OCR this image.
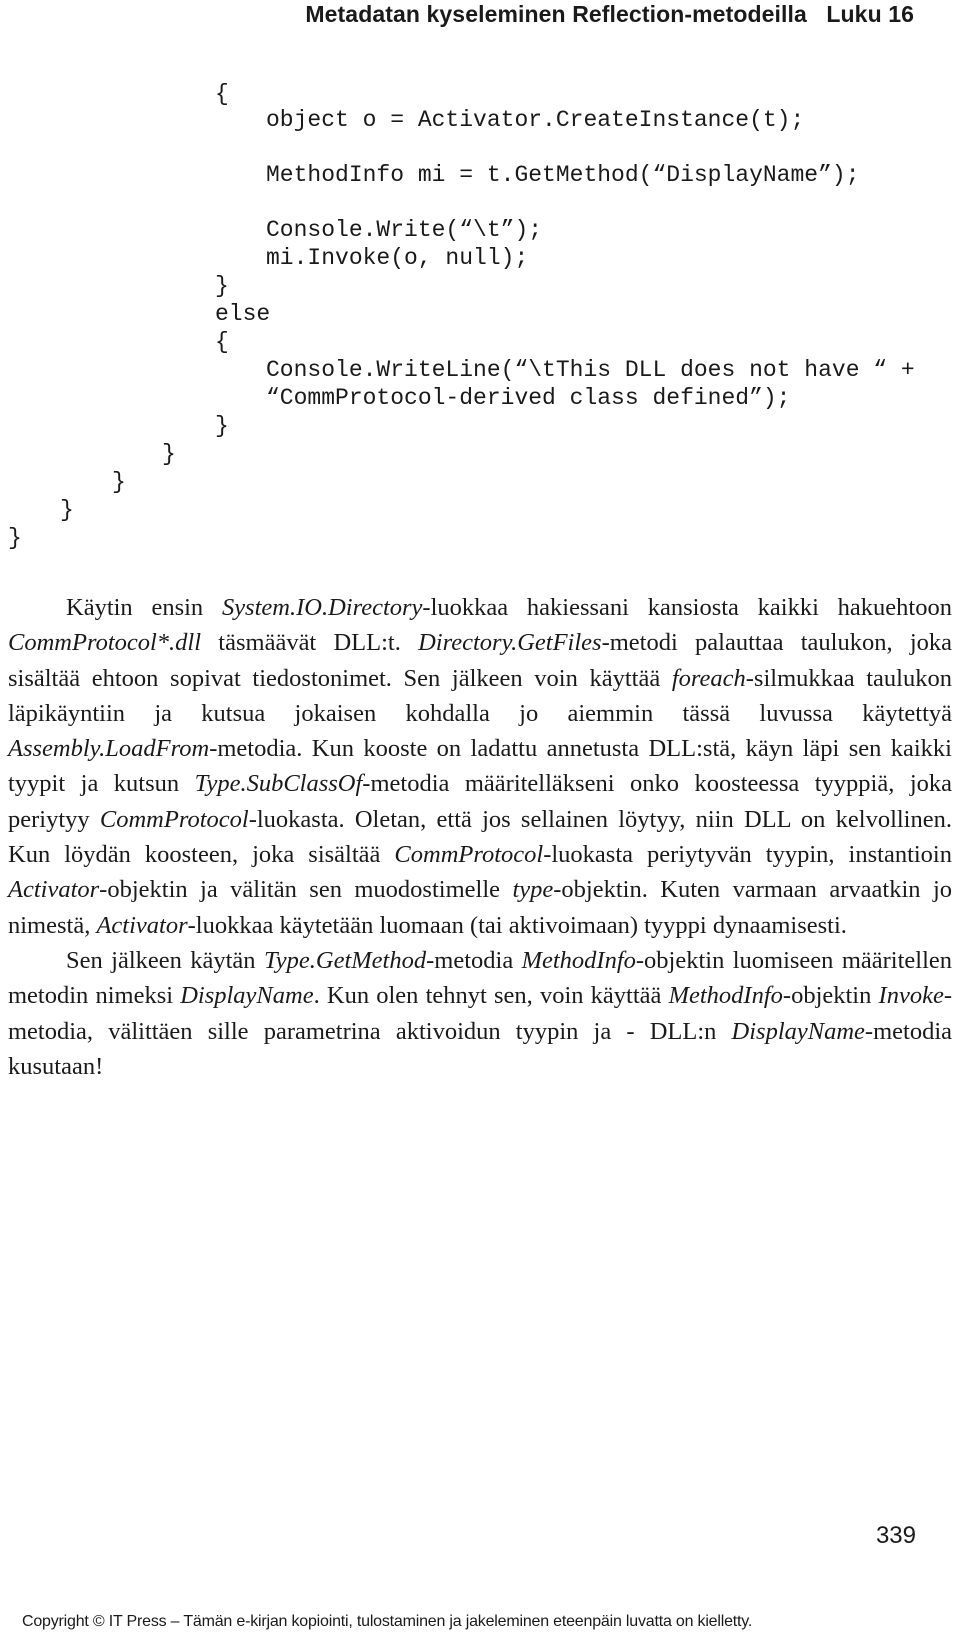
Metadatan kyseleminen Reflection-metodeilla Luku 16
{
object o = Activator.CreateInstance(t);
MethodInfo mi = t.GetMethod(“DisplayName”);
Console.Write(“\t”);
mi.Invoke(o, null);
}
else
{
Console.WriteLine(“\tThis DLL does not have “ +
“CommProtocol-derived class defined”);
}
}
}
}
}

Käytin ensin System.IO.Directory-luokkaa hakiessani kansiosta kaikki hakuehtoon CommProtocol*.dll täsmäävät DLL:t. Directory.GetFiles-metodi palauttaa taulukon, joka sisältää ehtoon sopivat tiedostonimet. Sen jälkeen voin käyttää foreach-silmukkaa taulukon läpikäyntiin ja kutsua jokaisen kohdalla jo aiemmin tässä luvussa käytettyä Assembly.LoadFrom-metodia. Kun kooste on ladattu annetusta DLL:stä, käyn läpi sen kaikki tyypit ja kutsun Type.SubClassOf-metodia määritelläkseni onko koosteessa tyyppiä, joka periytyy CommProtocol-luokasta. Oletan, että jos sellainen löytyy, niin DLL on kelvollinen. Kun löydän koosteen, joka sisältää CommProtocol-luokasta periytyvän tyypin, instantioin Activator-objektin ja välitän sen muodostimelle type-objektin. Kuten varmaan arvaatkin jo nimestä, Activator-luokkaa käytetään luomaan (tai aktivoimaan) tyyppi dynaamisesti.

Sen jälkeen käytän Type.GetMethod-metodia MethodInfo-objektin luomiseen määritellen metodin nimeksi DisplayName. Kun olen tehnyt sen, voin käyttää MethodInfo-objektin Invoke-metodia, välittäen sille parametrina aktivoidun tyypin ja - DLL:n DisplayName-metodia kusutaan!

339
Copyright © IT Press – Tämän e-kirjan kopiointi, tulostaminen ja jakeleminen eteenpäin luvatta on kielletty.
